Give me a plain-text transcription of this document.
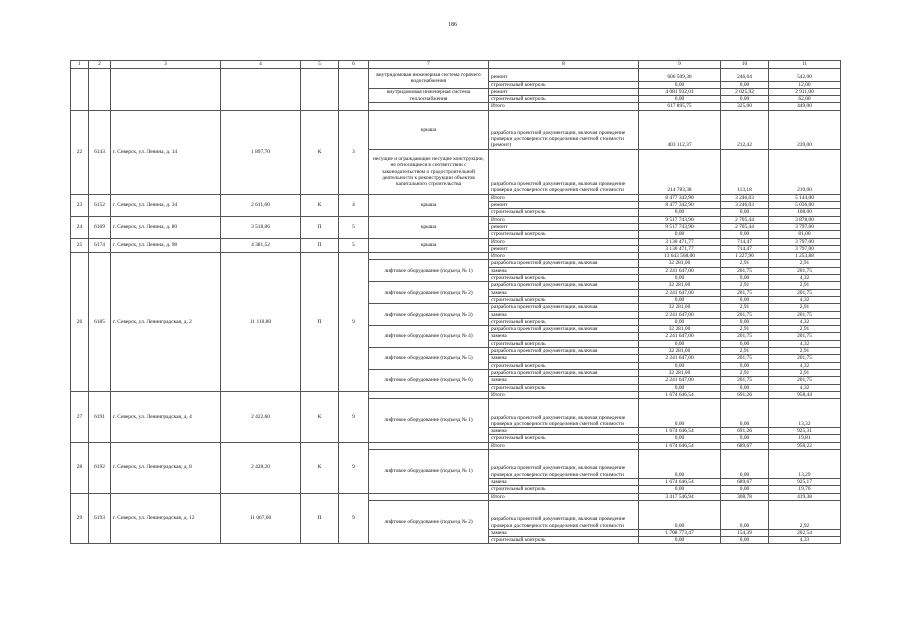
186
1	2	3	4	5	6	7	8	9	10	11
						внутридомовая инженерная система горячего водоснабжения	ремонт	606 509,36	246,64	542,00
							строительный контроль	0,00	0,00	12,00
						внутридомовая инженерная система теплоснабжения	ремонт	4 081 932,01	2 025,92	2 911,00
							строительный контроль	0,00	0,00	62,00
							Итого	617 895,75	325,00	449,00
22	6143	г. Северск, ул. Ленина, д. 14	1 897,70	К	3	крыша	разработка проектной документации, включая проведение проверки достоверности определения сметной стоимости (ремонт)	403 112,37	212,42	239,00
						несущие и ограждающие несущие конструкции, не относящиеся в соответствии с законодательством о градостроительной деятельности к реконструкции объектов капитального строительства	разработка проектной документации, включая проведение проверки достоверности определения сметной стоимости	214 783,38	113,18	210,00
23	6152	г. Северск, ул. Ленина, д. 34	2 611,60	К	4	крыша	Итого	8 477 342,90	3 246,03	5 144,00
							ремонт	8 477 342,90	3 246,03	5 036,00
							строительный контроль	0,00	0,00	108,00
24	6169	г. Северск, ул. Ленина, д. 80	3 518,06	П	5	крыша	Итого	9 517 743,90	2 705,44	3 878,00
							ремонт	9 517 743,90	2 705,44	3 797,00
							строительный контроль	0,00	0,00	81,00
25	6174	г. Северск, ул. Ленина, д. 98	4 381,52	П	5	крыша	Итого	3 130 471,77	714,47	3 797,00
							ремонт	3 130 471,77	714,47	3 797,00
26	6185	г. Северск, ул. Ленинградская, д. 2	11 110,80	П	9		Итого	13 643 568,00	1 227,96	1 253,88
						лифтовое оборудование (подъезд № 1)	разработка проектной документации, включая	32 281,00	2,91	2,91
							замена	2 241 647,00	201,75	201,75
							строительный контроль	0,00	0,00	4,32
						лифтовое оборудование (подъезд № 2)	разработка проектной документации, включая	32 281,00	2,91	2,91
							замена	2 241 647,00	201,75	201,75
							строительный контроль	0,00	0,00	4,32
						лифтовое оборудование (подъезд № 3)	разработка проектной документации, включая	32 281,00	2,91	2,91
							замена	2 241 647,00	201,75	201,75
							строительный контроль	0,00	0,00	4,32
						лифтовое оборудование (подъезд № 4)	разработка проектной документации, включая	32 281,00	2,91	2,91
							замена	2 241 647,00	201,75	201,75
							строительный контроль	0,00	0,00	4,32
						лифтовое оборудование (подъезд № 5)	разработка проектной документации, включая	32 281,00	2,91	2,91
							замена	2 241 647,00	201,75	201,75
							строительный контроль	0,00	0,00	4,32
						лифтовое оборудование (подъезд № 6)	разработка проектной документации, включая	32 281,00	2,91	2,91
							замена	2 241 647,00	201,75	201,75
							строительный контроль	0,00	0,00	4,32
27	6191	г. Северск, ул. Ленинградская, д. 4	2 422,60	К	9		Итого	1 674 646,54	691,26	958,44
						лифтовое оборудование (подъезд № 1)	разработка проектной документации, включая проведение проверки достоверности определения сметной стоимости	0,00	0,00	13,32
							замена	1 674 646,54	691,26	925,31
							строительный контроль	0,00	0,00	19,81
28	6192	г. Северск, ул. Ленинградская, д. 8	2 428,20	К	9		Итого	1 674 646,54	689,67	958,22
						лифтовое оборудование (подъезд № 1)	разработка проектной документации, включая проведение проверки достоверности определения сметной стоимости	0,00	0,00	13,29
							замена	1 674 646,54	689,67	925,17
							строительный контроль	0,00	0,00	19,76
29	6193	г. Северск, ул. Ленинградская, д. 12	11 067,60	П	9		Итого	3 417 546,94	308,78	419,38
						лифтовое оборудование (подъезд № 2)	разработка проектной документации, включая проведение проверки достоверности определения сметной стоимости	0,00	0,00	2,92
							замена	1 708 773,47	154,39	202,54
							строительный контроль	0,00	0,00	4,33
